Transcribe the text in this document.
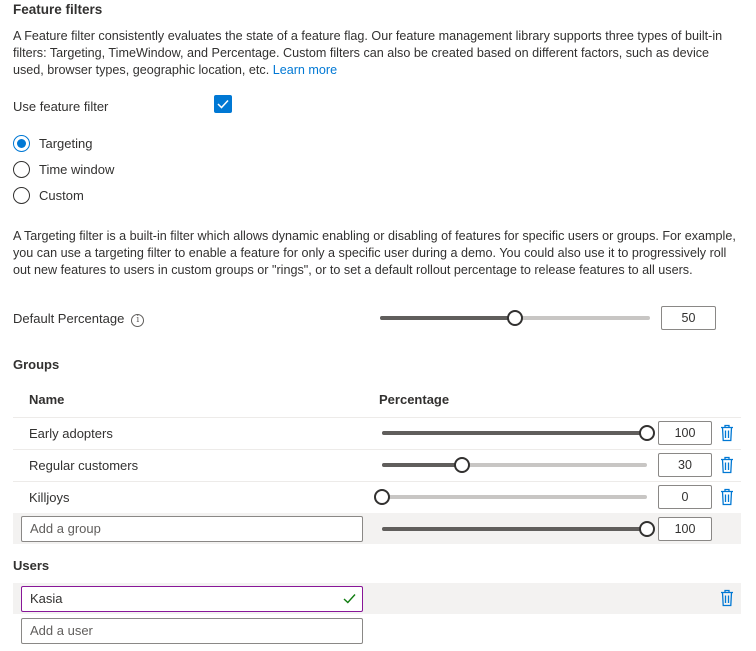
Feature filters
A Feature filter consistently evaluates the state of a feature flag. Our feature management library supports three types of built-in filters: Targeting, TimeWindow, and Percentage. Custom filters can also be created based on different factors, such as device used, browser types, geographic location, etc. Learn more
Use feature filter
Targeting
Time window
Custom
A Targeting filter is a built-in filter which allows dynamic enabling or disabling of features for specific users or groups. For example, you can use a targeting filter to enable a feature for only a specific user during a demo. You could also use it to progressively roll out new features to users in custom groups or "rings", or to set a default rollout percentage to release features to all users.
Default Percentage i	50
Groups
Name	Percentage
Early adopters	100
Regular customers	30
Killjoys	0
Add a group	100
Users
Kasia
Add a user
